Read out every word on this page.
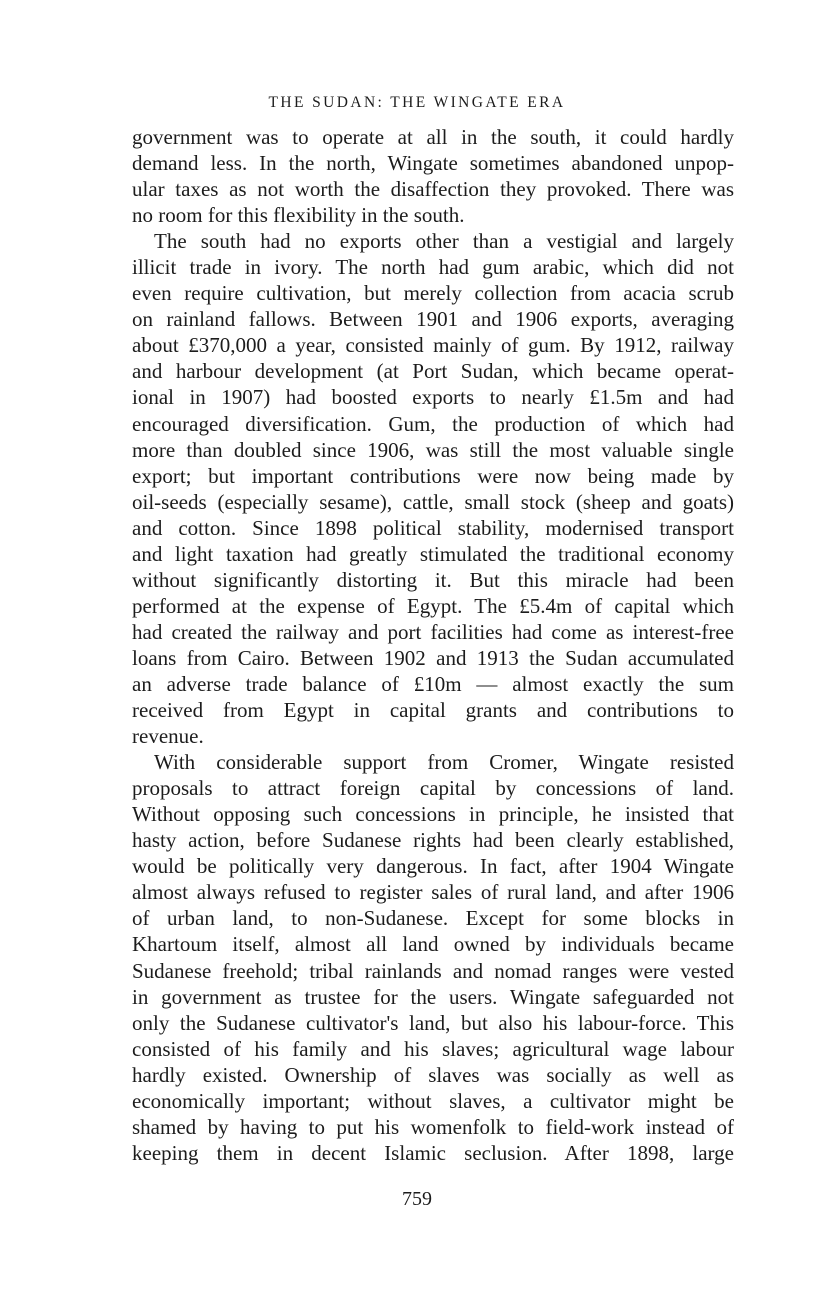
THE SUDAN: THE WINGATE ERA
government was to operate at all in the south, it could hardly
demand less. In the north, Wingate sometimes abandoned unpop-
ular taxes as not worth the disaffection they provoked. There was
no room for this flexibility in the south.
The south had no exports other than a vestigial and largely
illicit trade in ivory. The north had gum arabic, which did not
even require cultivation, but merely collection from acacia scrub
on rainland fallows. Between 1901 and 1906 exports, averaging
about £370,000 a year, consisted mainly of gum. By 1912, railway
and harbour development (at Port Sudan, which became operat-
ional in 1907) had boosted exports to nearly £1.5m and had
encouraged diversification. Gum, the production of which had
more than doubled since 1906, was still the most valuable single
export; but important contributions were now being made by
oil-seeds (especially sesame), cattle, small stock (sheep and goats)
and cotton. Since 1898 political stability, modernised transport
and light taxation had greatly stimulated the traditional economy
without significantly distorting it. But this miracle had been
performed at the expense of Egypt. The £5.4m of capital which
had created the railway and port facilities had come as interest-free
loans from Cairo. Between 1902 and 1913 the Sudan accumulated
an adverse trade balance of £10m — almost exactly the sum
received from Egypt in capital grants and contributions to
revenue.
With considerable support from Cromer, Wingate resisted
proposals to attract foreign capital by concessions of land.
Without opposing such concessions in principle, he insisted that
hasty action, before Sudanese rights had been clearly established,
would be politically very dangerous. In fact, after 1904 Wingate
almost always refused to register sales of rural land, and after 1906
of urban land, to non-Sudanese. Except for some blocks in
Khartoum itself, almost all land owned by individuals became
Sudanese freehold; tribal rainlands and nomad ranges were vested
in government as trustee for the users. Wingate safeguarded not
only the Sudanese cultivator's land, but also his labour-force. This
consisted of his family and his slaves; agricultural wage labour
hardly existed. Ownership of slaves was socially as well as
economically important; without slaves, a cultivator might be
shamed by having to put his womenfolk to field-work instead of
keeping them in decent Islamic seclusion. After 1898, large
759
